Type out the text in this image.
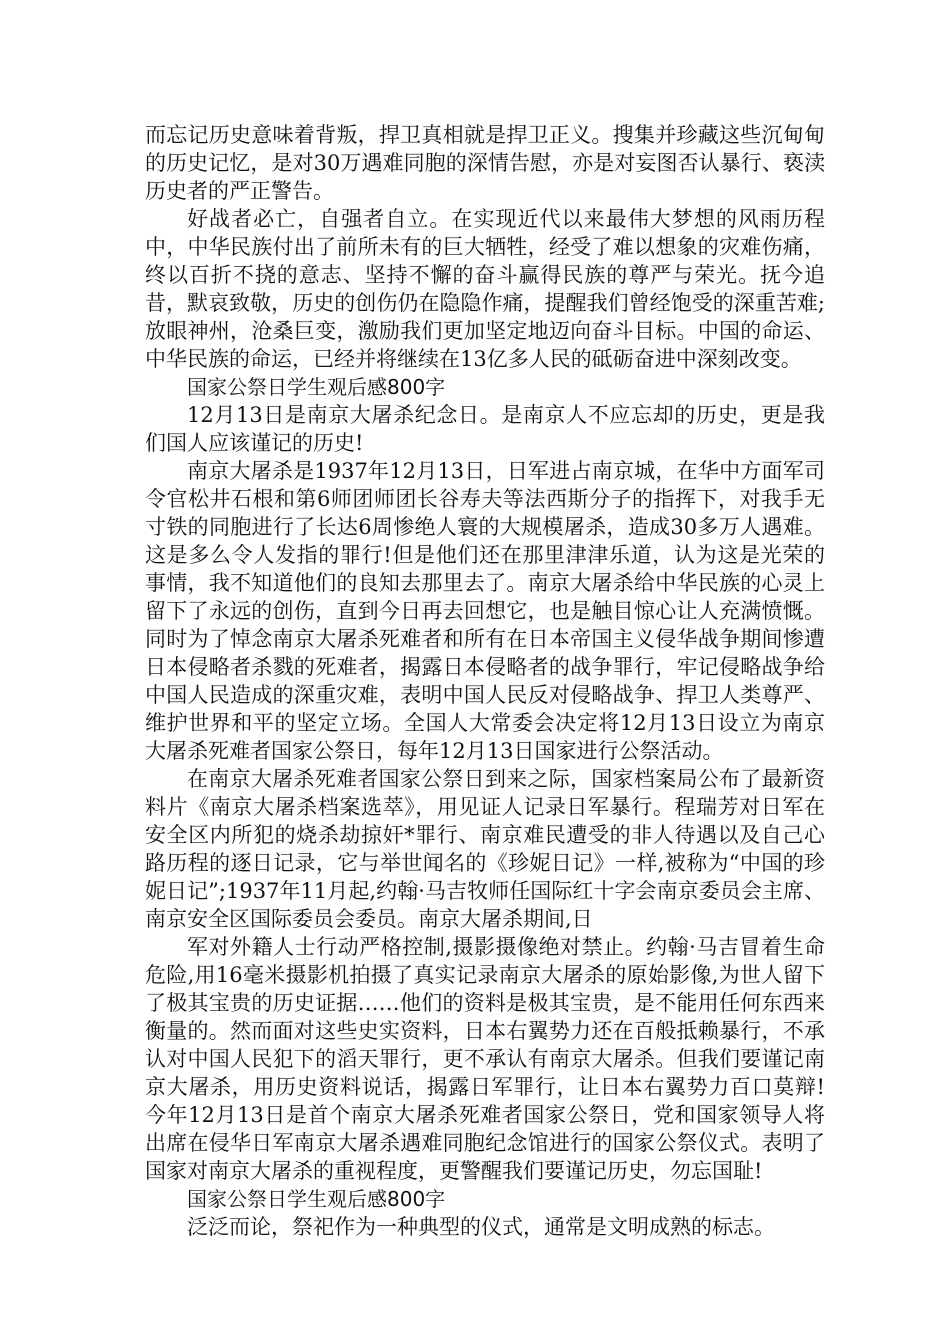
而忘记历史意味着背叛，捍卫真相就是捍卫正义。搜集并珍藏这些沉甸甸的历史记忆，是对30万遇难同胞的深情告慰，亦是对妄图否认暴行、亵渎历史者的严正警告。

好战者必亡，自强者自立。在实现近代以来最伟大梦想的风雨历程中，中华民族付出了前所未有的巨大牺牲，经受了难以想象的灾难伤痛，终以百折不挠的意志、坚持不懈的奋斗赢得民族的尊严与荣光。抚今追昔，默哀致敬，历史的创伤仍在隐隐作痛，提醒我们曾经饱受的深重苦难;放眼神州，沧桑巨变，激励我们更加坚定地迈向奋斗目标。中国的命运、中华民族的命运，已经并将继续在13亿多人民的砥砺奋进中深刻改变。

国家公祭日学生观后感800字

12月13日是南京大屠杀纪念日。是南京人不应忘却的历史，更是我们国人应该谨记的历史!

南京大屠杀是1937年12月13日，日军进占南京城，在华中方面军司令官松井石根和第6师团师团长谷寿夫等法西斯分子的指挥下，对我手无寸铁的同胞进行了长达6周惨绝人寰的大规模屠杀，造成30多万人遇难。这是多么令人发指的罪行!但是他们还在那里津津乐道，认为这是光荣的事情，我不知道他们的良知去那里去了。南京大屠杀给中华民族的心灵上留下了永远的创伤，直到今日再去回想它，也是触目惊心让人充满愤慨。同时为了悼念南京大屠杀死难者和所有在日本帝国主义侵华战争期间惨遭日本侵略者杀戮的死难者，揭露日本侵略者的战争罪行，牢记侵略战争给中国人民造成的深重灾难，表明中国人民反对侵略战争、捍卫人类尊严、维护世界和平的坚定立场。全国人大常委会决定将12月13日设立为南京大屠杀死难者国家公祭日，每年12月13日国家进行公祭活动。

在南京大屠杀死难者国家公祭日到来之际，国家档案局公布了最新资料片《南京大屠杀档案选萃》，用见证人记录日军暴行。程瑞芳对日军在安全区内所犯的烧杀劫掠奸*罪行、南京难民遭受的非人待遇以及自己心路历程的逐日记录，它与举世闻名的《珍妮日记》一样,被称为“中国的珍妮日记”;1937年11月起,约翰·马吉牧师任国际红十字会南京委员会主席、南京安全区国际委员会委员。南京大屠杀期间,日

军对外籍人士行动严格控制,摄影摄像绝对禁止。约翰·马吉冒着生命危险,用16毫米摄影机拍摄了真实记录南京大屠杀的原始影像,为世人留下了极其宝贵的历史证据……他们的资料是极其宝贵，是不能用任何东西来衡量的。然而面对这些史实资料，日本右翼势力还在百般抵赖暴行，不承认对中国人民犯下的滔天罪行，更不承认有南京大屠杀。但我们要谨记南京大屠杀，用历史资料说话，揭露日军罪行，让日本右翼势力百口莫辩!今年12月13日是首个南京大屠杀死难者国家公祭日，党和国家领导人将出席在侵华日军南京大屠杀遇难同胞纪念馆进行的国家公祭仪式。表明了国家对南京大屠杀的重视程度，更警醒我们要谨记历史，勿忘国耻!

国家公祭日学生观后感800字

泛泛而论，祭祀作为一种典型的仪式，通常是文明成熟的标志。
